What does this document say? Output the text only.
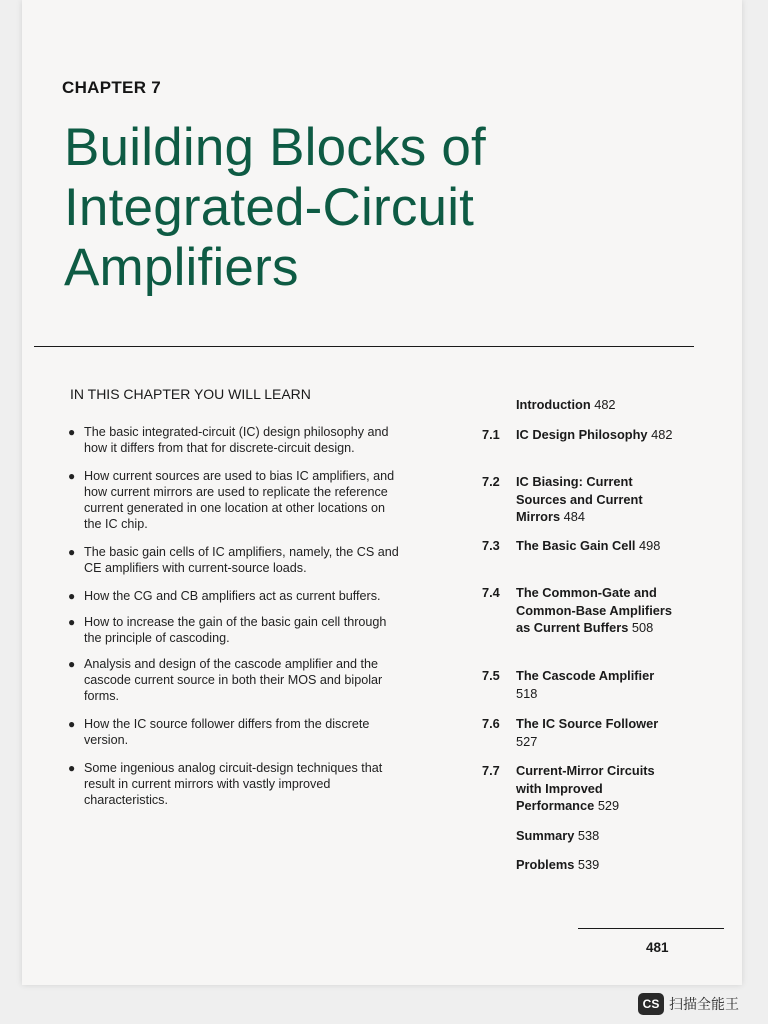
CHAPTER 7
Building Blocks of
Integrated-Circuit
Amplifiers
IN THIS CHAPTER YOU WILL LEARN
● The basic integrated-circuit (IC) design philosophy and how it differs from that for discrete-circuit design.
● How current sources are used to bias IC amplifiers, and how current mirrors are used to replicate the reference current generated in one location at other locations on the IC chip.
● The basic gain cells of IC amplifiers, namely, the CS and CE amplifiers with current-source loads.
● How the CG and CB amplifiers act as current buffers.
● How to increase the gain of the basic gain cell through the principle of cascoding.
● Analysis and design of the cascode amplifier and the cascode current source in both their MOS and bipolar forms.
● How the IC source follower differs from the discrete version.
● Some ingenious analog circuit-design techniques that result in current mirrors with vastly improved characteristics.
Introduction 482
7.1 IC Design Philosophy 482
7.2 IC Biasing: Current Sources and Current Mirrors 484
7.3 The Basic Gain Cell 498
7.4 The Common-Gate and Common-Base Amplifiers as Current Buffers 508
7.5 The Cascode Amplifier 518
7.6 The IC Source Follower 527
7.7 Current-Mirror Circuits with Improved Performance 529
Summary 538
Problems 539
481
CS 扫描全能王
